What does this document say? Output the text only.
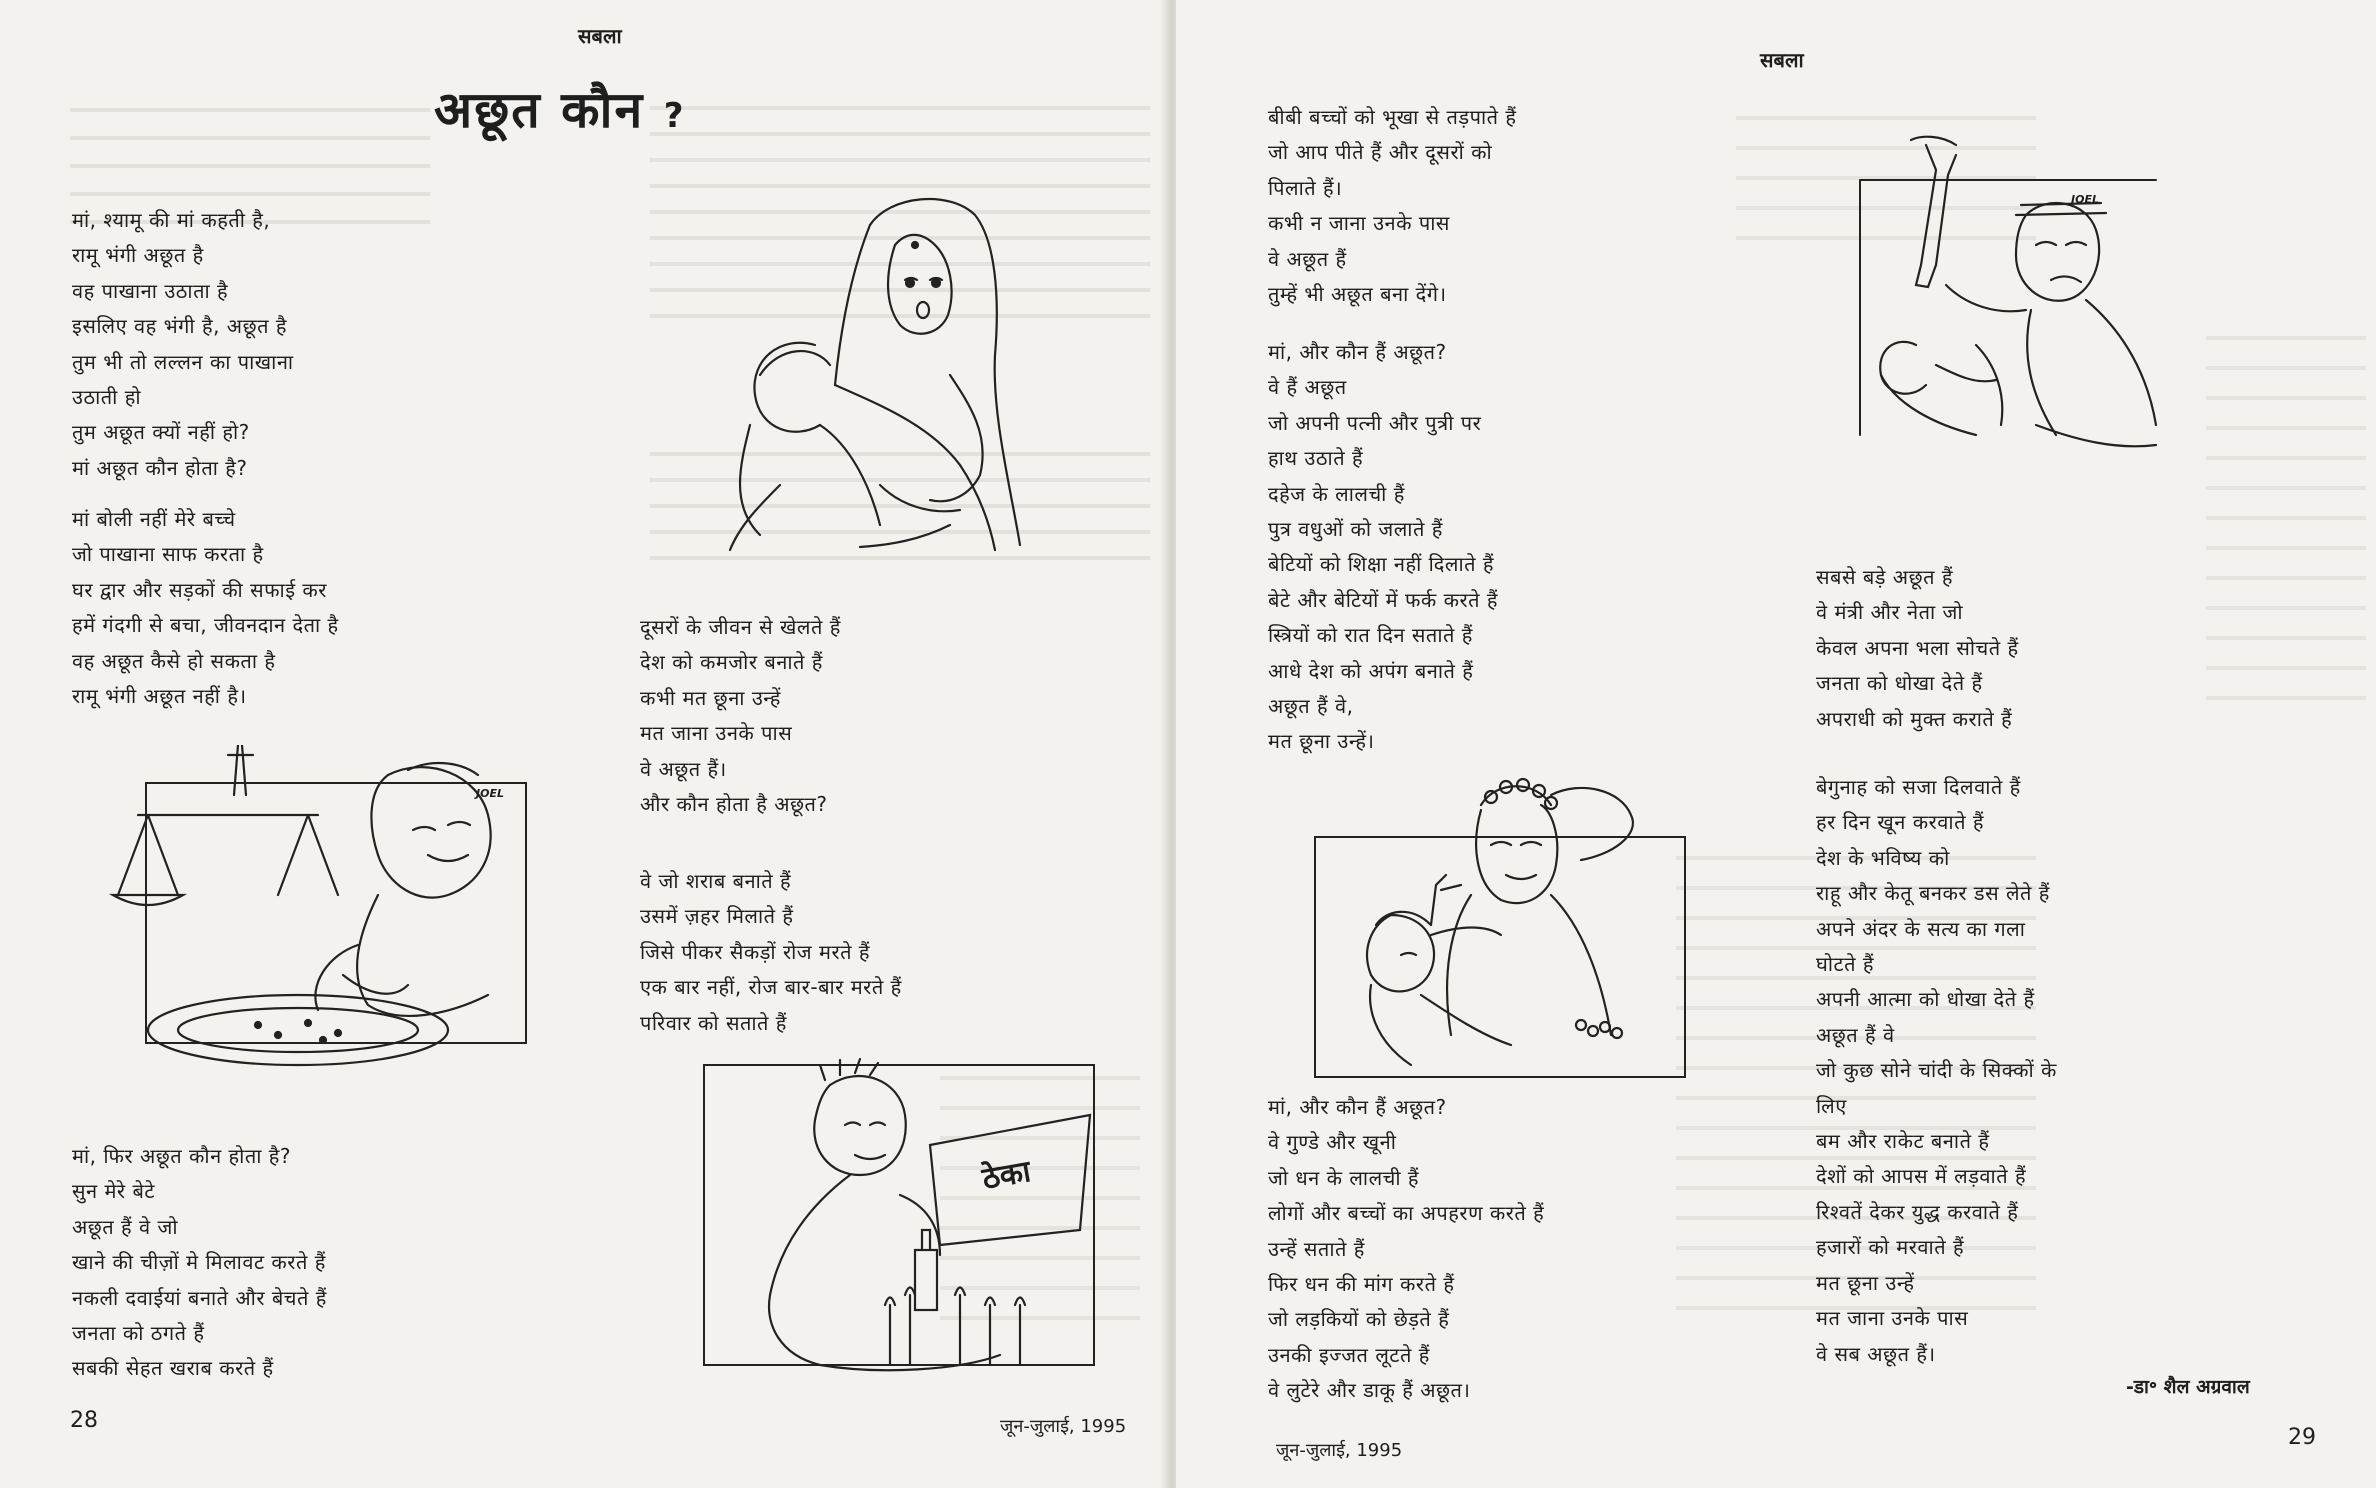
सबला
अछूत कौन ?
मां, श्यामू की मां कहती है,
रामू भंगी अछूत है
वह पाखाना उठाता है
इसलिए वह भंगी है, अछूत है
तुम भी तो लल्लन का पाखाना
उठाती हो
तुम अछूत क्यों नहीं हो?
मां अछूत कौन होता है?
मां बोली नहीं मेरे बच्चे
जो पाखाना साफ करता है
घर द्वार और सड़कों की सफाई कर
हमें गंदगी से बचा, जीवनदान देता है
वह अछूत कैसे हो सकता है
रामू भंगी अछूत नहीं है।
मां, फिर अछूत कौन होता है?
सुन मेरे बेटे
अछूत हैं वे जो
खाने की चीज़ों मे मिलावट करते हैं
नकली दवाईयां बनाते और बेचते हैं
जनता को ठगते हैं
सबकी सेहत खराब करते हैं
दूसरों के जीवन से खेलते हैं
देश को कमजोर बनाते हैं
कभी मत छूना उन्हें
मत जाना उनके पास
वे अछूत हैं।
और कौन होता है अछूत?
वे जो शराब बनाते हैं
उसमें ज़हर मिलाते हैं
जिसे पीकर सैकड़ों रोज मरते हैं
एक बार नहीं, रोज बार-बार मरते हैं
परिवार को सताते हैं
JOEL
ठेका
28	जून-जुलाई, 1995
सबला
बीबी बच्चों को भूखा से तड़पाते हैं
जो आप पीते हैं और दूसरों को
पिलाते हैं।
कभी न जाना उनके पास
वे अछूत हैं
तुम्हें भी अछूत बना देंगे।
मां, और कौन हैं अछूत?
वे हैं अछूत
जो अपनी पत्नी और पुत्री पर
हाथ उठाते हैं
दहेज के लालची हैं
पुत्र वधुओं को जलाते हैं
बेटियों को शिक्षा नहीं दिलाते हैं
बेटे और बेटियों में फर्क करते हैं
स्त्रियों को रात दिन सताते हैं
आधे देश को अपंग बनाते हैं
अछूत हैं वे,
मत छूना उन्हें।
मां, और कौन हैं अछूत?
वे गुण्डे और खूनी
जो धन के लालची हैं
लोगों और बच्चों का अपहरण करते हैं
उन्हें सताते हैं
फिर धन की मांग करते हैं
जो लड़कियों को छेड़ते हैं
उनकी इज्जत लूटते हैं
वे लुटेरे और डाकू हैं अछूत।
सबसे बड़े अछूत हैं
वे मंत्री और नेता जो
केवल अपना भला सोचते हैं
जनता को धोखा देते हैं
अपराधी को मुक्त कराते हैं
बेगुनाह को सजा दिलवाते हैं
हर दिन खून करवाते हैं
देश के भविष्य को
राहू और केतू बनकर डस लेते हैं
अपने अंदर के सत्य का गला
घोटते हैं
अपनी आत्मा को धोखा देते हैं
अछूत हैं वे
जो कुछ सोने चांदी के सिक्कों के
लिए
बम और राकेट बनाते हैं
देशों को आपस में लड़वाते हैं
रिश्वतें देकर युद्ध करवाते हैं
हजारों को मरवाते हैं
मत छूना उन्हें
मत जाना उनके पास
वे सब अछूत हैं।
-डा॰ शैल अग्रवाल
JOEL
जून-जुलाई, 1995
29
